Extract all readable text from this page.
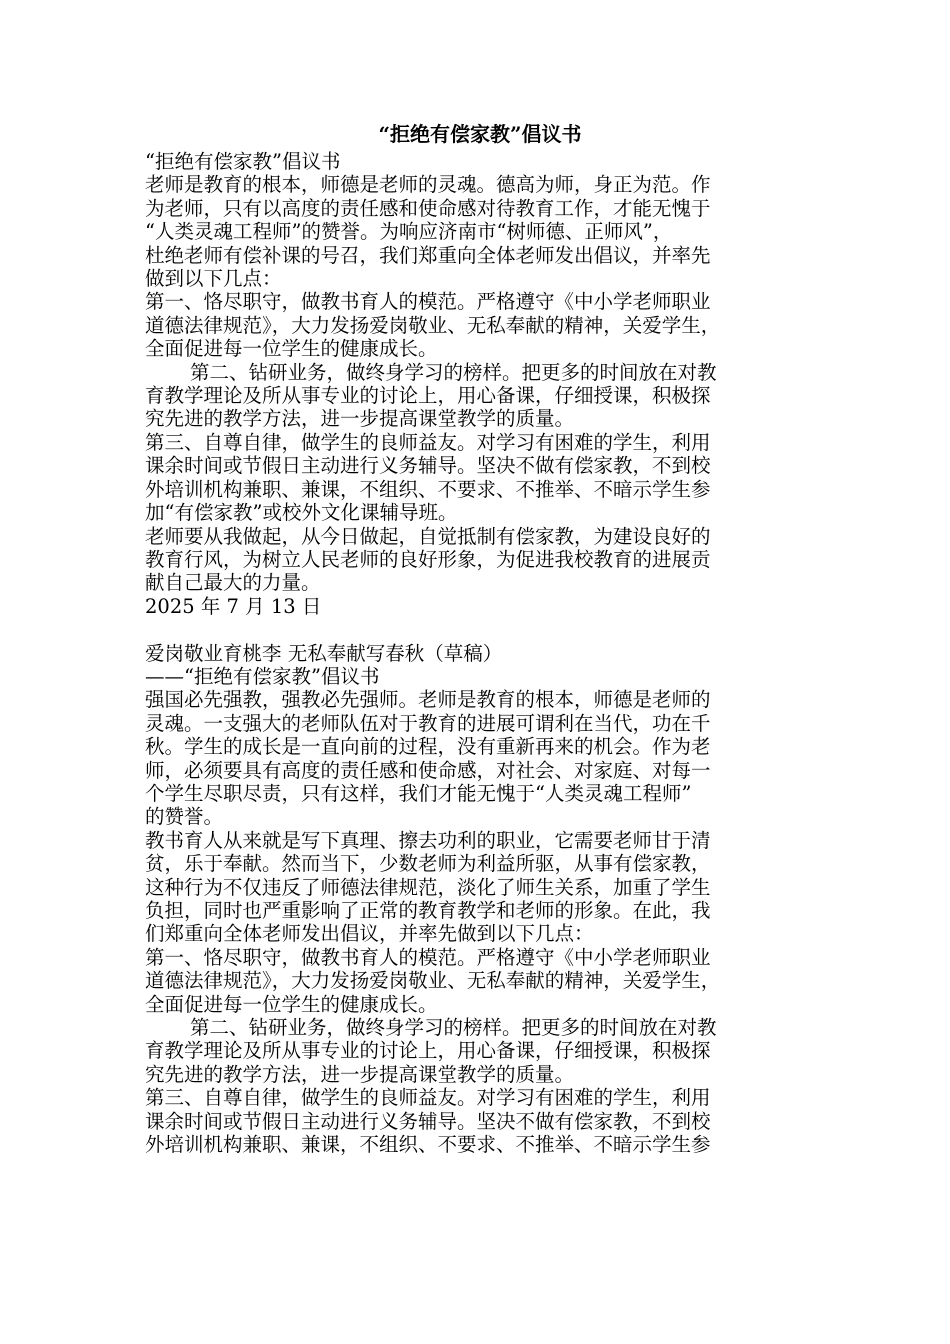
“拒绝有偿家教”倡议书

“拒绝有偿家教”倡议书

老师是教育的根本，师德是老师的灵魂。德高为师，身正为范。作

为老师，只有以高度的责任感和使命感对待教育工作，才能无愧于

“人类灵魂工程师”的赞誉。为响应济南市“树师德、正师风”，

杜绝老师有偿补课的号召，我们郑重向全体老师发出倡议，并率先

做到以下几点：

第一、恪尽职守，做教书育人的模范。严格遵守《中小学老师职业

道德法律规范》，大力发扬爱岗敬业、无私奉献的精神，关爱学生，

全面促进每一位学生的健康成长。

第二、钻研业务，做终身学习的榜样。把更多的时间放在对教

育教学理论及所从事专业的讨论上，用心备课，仔细授课，积极探

究先进的教学方法，进一步提高课堂教学的质量。

第三、自尊自律，做学生的良师益友。对学习有困难的学生，利用

课余时间或节假日主动进行义务辅导。坚决不做有偿家教，不到校

外培训机构兼职、兼课，不组织、不要求、不推举、不暗示学生参

加“有偿家教”或校外文化课辅导班。

老师要从我做起，从今日做起，自觉抵制有偿家教，为建设良好的

教育行风，为树立人民老师的良好形象，为促进我校教育的进展贡

献自己最大的力量。

2025 年 7 月 13 日

爱岗敬业育桃李 无私奉献写春秋（草稿）

——“拒绝有偿家教”倡议书

强国必先强教，强教必先强师。老师是教育的根本，师德是老师的

灵魂。一支强大的老师队伍对于教育的进展可谓利在当代，功在千

秋。学生的成长是一直向前的过程，没有重新再来的机会。作为老

师，必须要具有高度的责任感和使命感，对社会、对家庭、对每一

个学生尽职尽责，只有这样，我们才能无愧于“人类灵魂工程师”

的赞誉。

教书育人从来就是写下真理、擦去功利的职业，它需要老师甘于清

贫，乐于奉献。然而当下，少数老师为利益所驱，从事有偿家教，

这种行为不仅违反了师德法律规范，淡化了师生关系，加重了学生

负担，同时也严重影响了正常的教育教学和老师的形象。在此，我

们郑重向全体老师发出倡议，并率先做到以下几点：

第一、恪尽职守，做教书育人的模范。严格遵守《中小学老师职业

道德法律规范》，大力发扬爱岗敬业、无私奉献的精神，关爱学生，

全面促进每一位学生的健康成长。

第二、钻研业务，做终身学习的榜样。把更多的时间放在对教

育教学理论及所从事专业的讨论上，用心备课，仔细授课，积极探

究先进的教学方法，进一步提高课堂教学的质量。

第三、自尊自律，做学生的良师益友。对学习有困难的学生，利用

课余时间或节假日主动进行义务辅导。坚决不做有偿家教，不到校

外培训机构兼职、兼课，不组织、不要求、不推举、不暗示学生参
